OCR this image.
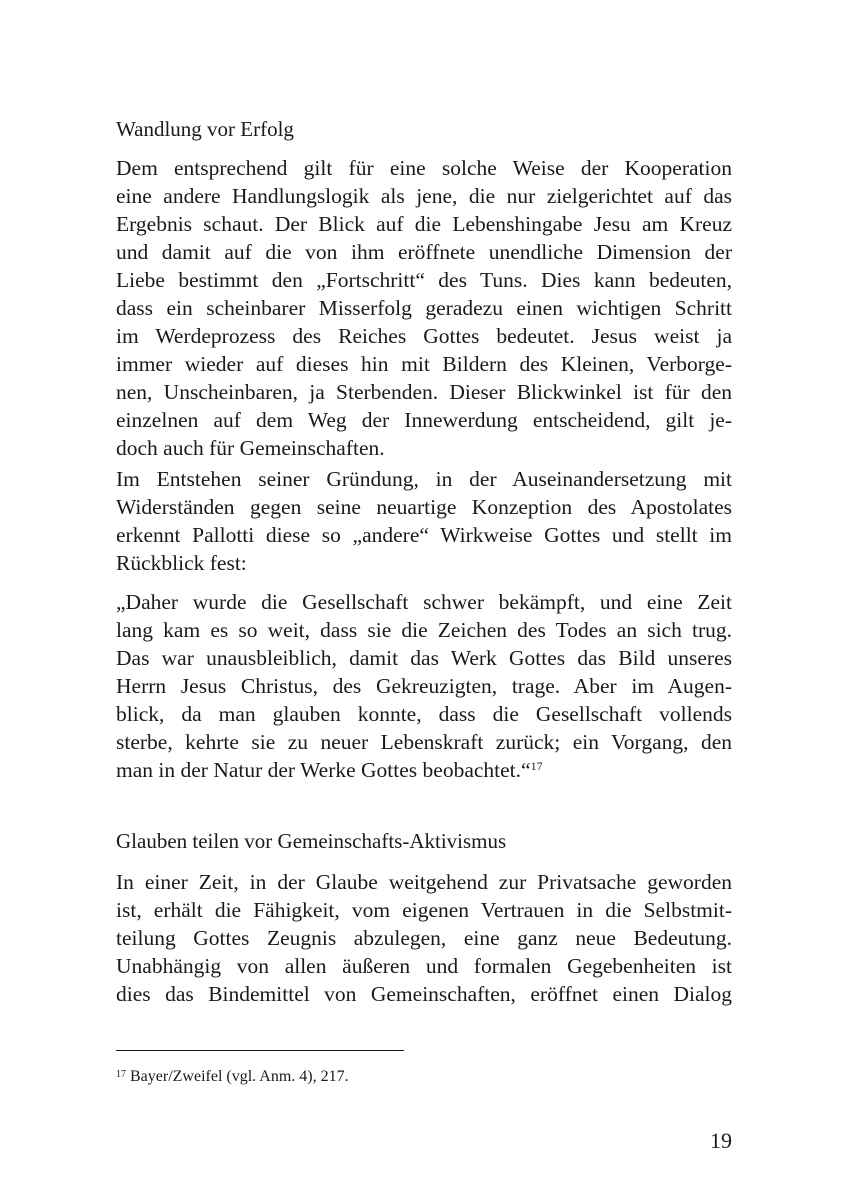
Wandlung vor Erfolg
Dem entsprechend gilt für eine solche Weise der Kooperation
eine andere Handlungslogik als jene, die nur zielgerichtet auf das
Ergebnis schaut. Der Blick auf die Lebenshingabe Jesu am Kreuz
und damit auf die von ihm eröffnete unendliche Dimension der
Liebe bestimmt den „Fortschritt“ des Tuns. Dies kann bedeuten,
dass ein scheinbarer Misserfolg geradezu einen wichtigen Schritt
im Werdeprozess des Reiches Gottes bedeutet. Jesus weist ja
immer wieder auf dieses hin mit Bildern des Kleinen, Verborge-
nen, Unscheinbaren, ja Sterbenden. Dieser Blickwinkel ist für den
einzelnen auf dem Weg der Innewerdung entscheidend, gilt je-
doch auch für Gemeinschaften.
Im Entstehen seiner Gründung, in der Auseinandersetzung mit
Widerständen gegen seine neuartige Konzeption des Apostolates
erkennt Pallotti diese so „andere“ Wirkweise Gottes und stellt im
Rückblick fest:
„Daher wurde die Gesellschaft schwer bekämpft, und eine Zeit
lang kam es so weit, dass sie die Zeichen des Todes an sich trug.
Das war unausbleiblich, damit das Werk Gottes das Bild unseres
Herrn Jesus Christus, des Gekreuzigten, trage. Aber im Augen-
blick, da man glauben konnte, dass die Gesellschaft vollends
sterbe, kehrte sie zu neuer Lebenskraft zurück; ein Vorgang, den
man in der Natur der Werke Gottes beobachtet.“$^{17}$
Glauben teilen vor Gemeinschafts-Aktivismus
In einer Zeit, in der Glaube weitgehend zur Privatsache geworden
ist, erhält die Fähigkeit, vom eigenen Vertrauen in die Selbstmit-
teilung Gottes Zeugnis abzulegen, eine ganz neue Bedeutung.
Unabhängig von allen äußeren und formalen Gegebenheiten ist
dies das Bindemittel von Gemeinschaften, eröffnet einen Dialog
$^{17}$ Bayer/Zweifel (vgl. Anm. 4), 217.
19
